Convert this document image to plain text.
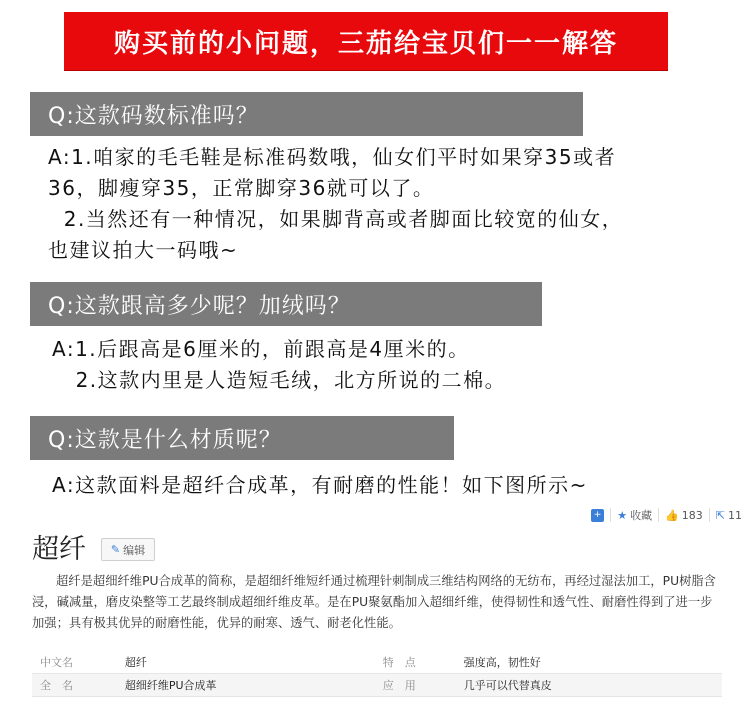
购买前的小问题，三茄给宝贝们一一解答
Q:这款码数标准吗？
A:1.咱家的毛毛鞋是标准码数哦，仙女们平时如果穿35或者
36，脚瘦穿35，正常脚穿36就可以了。
2.当然还有一种情况，如果脚背高或者脚面比较宽的仙女，
也建议拍大一码哦~
Q:这款跟高多少呢？加绒吗？
A:1.后跟高是6厘米的，前跟高是4厘米的。
2.这款内里是人造短毛绒，北方所说的二棉。
Q:这款是什么材质呢？
A:这款面料是超纤合成革，有耐磨的性能！如下图所示~
+ ★ 收藏 👍 183 ⇱ 11
超纤 ✎ 编辑
超纤是超细纤维PU合成革的简称，是超细纤维短纤通过梳理针刺制成三维结构网络的无纺布，再经过湿法加工，PU树脂含浸，碱减量，磨皮染整等工艺最终制成超细纤维皮革。是在PU聚氨酯加入超细纤维，使得韧性和透气性、耐磨性得到了进一步加强；具有极其优异的耐磨性能，优异的耐寒、透气、耐老化性能。
中文名	超纤	特　点	强度高，韧性好
全　名	超细纤维PU合成革	应　用	几乎可以代替真皮
